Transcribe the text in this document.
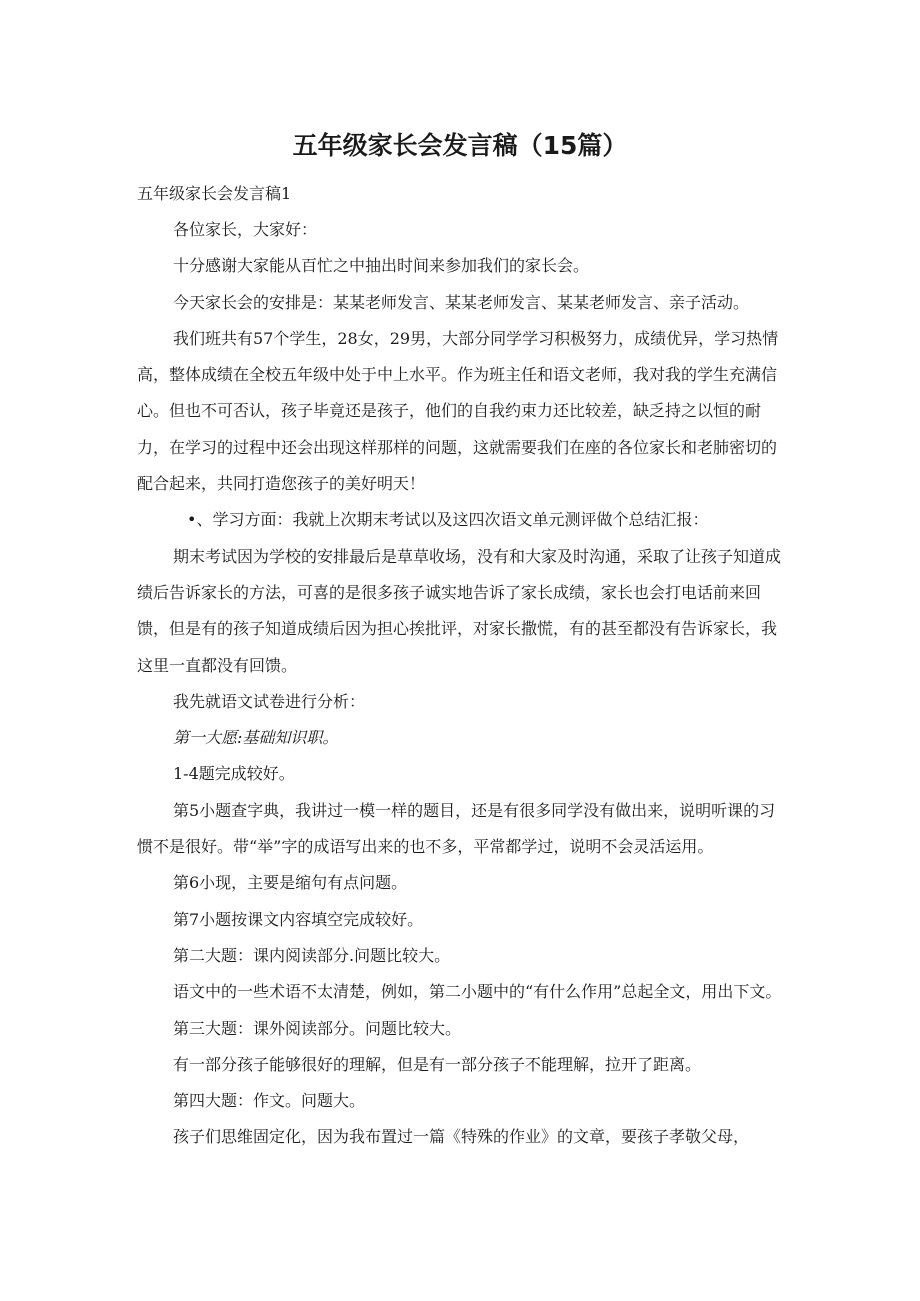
五年级家长会发言稿（15篇）

五年级家长会发言稿1

各位家长，大家好：

十分感谢大家能从百忙之中抽出时间来参加我们的家长会。

今天家长会的安排是：某某老师发言、某某老师发言、某某老师发言、亲子活动。

我们班共有57个学生，28女，29男，大部分同学学习积极努力，成绩优异，学习热情高，整体成绩在全校五年级中处于中上水平。作为班主任和语文老师，我对我的学生充满信心。但也不可否认，孩子毕竟还是孩子，他们的自我约束力还比较差，缺乏持之以恒的耐力，在学习的过程中还会出现这样那样的问题，这就需要我们在座的各位家长和老肺密切的配合起来，共同打造您孩子的美好明天！

•、学习方面：我就上次期末考试以及这四次语文单元测评做个总结汇报：

期末考试因为学校的安排最后是草草收场，没有和大家及时沟通，采取了让孩子知道成绩后告诉家长的方法，可喜的是很多孩子诚实地告诉了家长成绩，家长也会打电话前来回馈，但是有的孩子知道成绩后因为担心挨批评，对家长撒慌，有的甚至都没有告诉家长，我这里一直都没有回馈。

我先就语文试卷进行分析：

第一大愿:基础知识职。

1-4题完成较好。

第5小题查字典，我讲过一模一样的题目，还是有很多同学没有做出来，说明听课的习惯不是很好。带“举”字的成语写出来的也不多，平常都学过，说明不会灵活运用。

第6小现，主要是缩句有点问题。

第7小题按课文内容填空完成较好。

第二大题：课内阅读部分.问题比较大。

语文中的一些术语不太清楚，例如，第二小题中的“有什么作用”总起全文，用出下文。

第三大题：课外阅读部分。问题比较大。

有一部分孩子能够很好的理解，但是有一部分孩子不能理解，拉开了距离。

第四大题：作文。问题大。

孩子们思维固定化，因为我布置过一篇《特殊的作业》的文章，要孩子孝敬父母，
